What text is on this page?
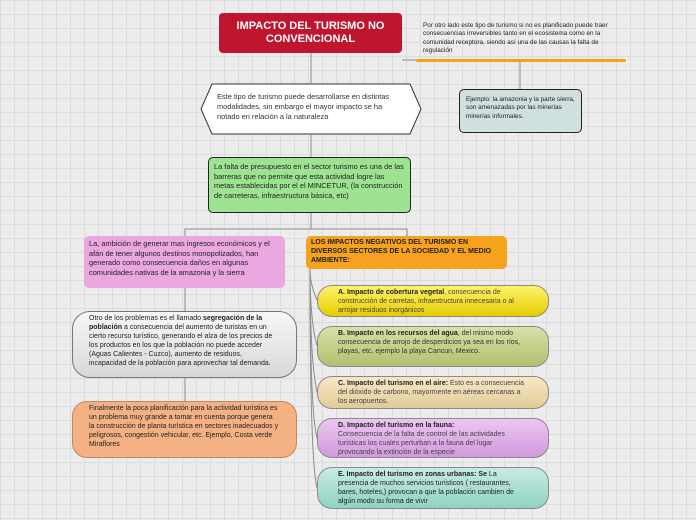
IMPACTO DEL TURISMO NO CONVENCIONAL
Por otro lado este tipo de turismo si no es planificado puede traer consecuencias irreversibles tanto en el ecosistema como en la comunidad receptora, siendo así una de las causas la falta de regulación
Ejemplo: la amazonia y la parte sierra, son amenazadas por las minerías minerías informales.
Este tipo de turismo puede desarrollarse en distintas modalidades, sin embargo el mayor impacto se ha notado en relación a la naturaleza
La falta de presupuesto en el sector turismo es una de las barreras que no permite que esta actividad logre las metas establecidas por el el MINCETUR, (la construcción de carreteras, infraestructura básica, etc)
La, ambición de generar mas ingresos económicos y el afán de tener algunos destinos monopolizados, han generado como consecuencia daños en algunas comunidades nativas de la amazonia y la sierra
LOS IMPACTOS NEGATIVOS DEL TURISMO EN DIVERSOS SECTORES DE LA SOCIEDAD Y EL MEDIO AMBIENTE:
Otro de los problemas es el llamado segregación de la población a consecuencia del aumento de turistas en un cierto recurso turístico, generando el alza de los precios de los productos en los que la población no puede acceder (Aguas Calientes - Cuzco), aumento de residuos, incapacidad de la población para aprovechar tal demanda.
Finalmente la poca planificación para la actividad turística es un problema muy grande a tomar en cuenta porque genera la construcción de planta turística en sectores inadecuados y peligrosos, congestión vehicular, etc. Ejemplo, Costa verde Miraflores
A. Impacto de cobertura vegetal, consecuencia de construcción de carretas, infraestructura innecesaria o al arrojar residuos inorgánicos
B. Impacto en los recursos del agua, del mismo modo consecuencia de arrojo de desperdicios ya sea en los ríos, playas, etc. ejemplo la playa Cancun, Mexico.
C. Impacto del turismo en el aire: Esto es a consecuencia del dióxido de carbono, mayormente en aéreas cercanas a los aeropuertos.
D. Impacto del turismo en la fauna:
Consecuencia de la falta de control de las actividades turísticas los cuales perturban a la fauna del lugar provocando la extinción de la especie
E. Impacto del turismo en zonas urbanas: Se La presencia de muchos servicios turísticos ( restaurantes, bares, hoteles,) provocan a que la población cambien de algún modo su forma de vivir
